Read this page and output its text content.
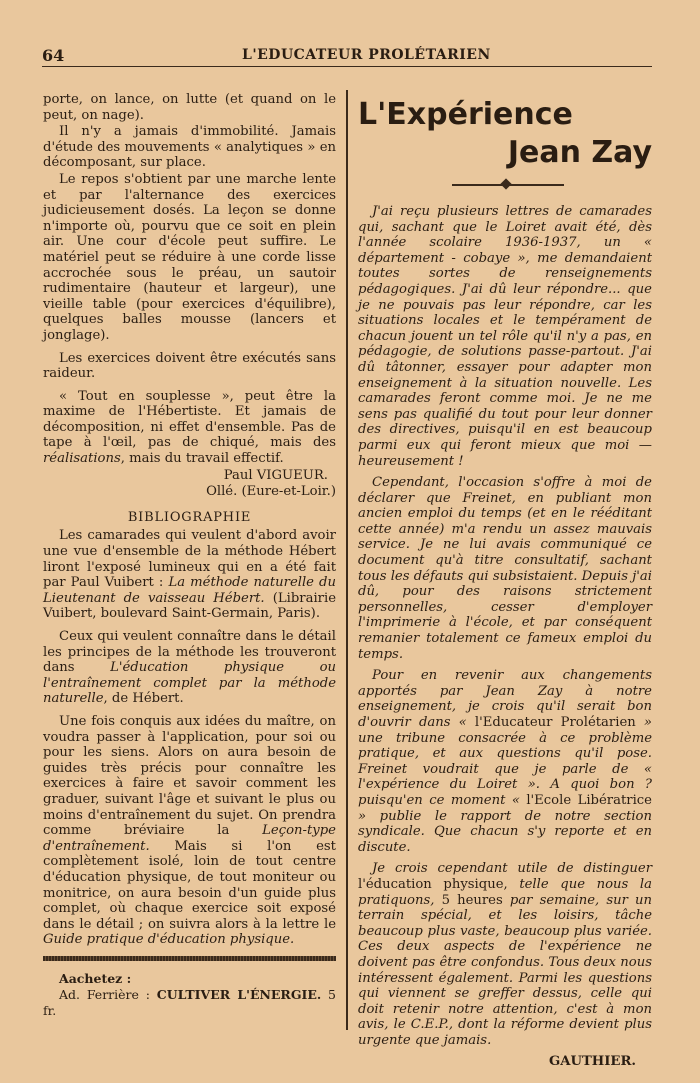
64	L'EDUCATEUR PROLÉTARIEN

porte, on lance, on lutte (et quand on le peut, on nage).

Il n'y a jamais d'immobilité. Jamais d'étude des mouvements « analytiques » en décomposant, sur place.

Le repos s'obtient par une marche lente et par l'alternance des exercices judicieusement dosés. La leçon se donne n'importe où, pourvu que ce soit en plein air. Une cour d'école peut suffire. Le matériel peut se réduire à une corde lisse accrochée sous le préau, un sautoir rudimentaire (hauteur et largeur), une vieille table (pour exercices d'équilibre), quelques balles mousse (lancers et jonglage).

Les exercices doivent être exécutés sans raideur.

« Tout en souplesse », peut être la maxime de l'Hébertiste. Et jamais de décomposition, ni effet d'ensemble. Pas de tape à l'œil, pas de chiqué, mais des réalisations, mais du travail effectif.

Paul VIGUEUR.

Ollé. (Eure-et-Loir.)

BIBLIOGRAPHIE

Les camarades qui veulent d'abord avoir une vue d'ensemble de la méthode Hébert liront l'exposé lumineux qui en a été fait par Paul Vuibert : La méthode naturelle du Lieutenant de vaisseau Hébert. (Librairie Vuibert, boulevard Saint-Germain, Paris).

Ceux qui veulent connaître dans le détail les principes de la méthode les trouveront dans L'éducation physique ou l'entraînement complet par la méthode naturelle, de Hébert.

Une fois conquis aux idées du maître, on voudra passer à l'application, pour soi ou pour les siens. Alors on aura besoin de guides très précis pour connaître les exercices à faire et savoir comment les graduer, suivant l'âge et suivant le plus ou moins d'entraînement du sujet. On prendra comme bréviaire la Leçon-type d'entraînement. Mais si l'on est complètement isolé, loin de tout centre d'éducation physique, de tout moniteur ou monitrice, on aura besoin d'un guide plus complet, où chaque exercice soit exposé dans le détail ; on suivra alors à la lettre le Guide pratique d'éducation physique.

Aachetez :

Ad. Ferrière : CULTIVER L'ÉNERGIE. 5 fr.

L'Expérience
Jean Zay

J'ai reçu plusieurs lettres de camarades qui, sachant que le Loiret avait été, dès l'année scolaire 1936-1937, un « département - cobaye », me demandaient toutes sortes de renseignements pédagogiques. J'ai dû leur répondre... que je ne pouvais pas leur répondre, car les situations locales et le tempérament de chacun jouent un tel rôle qu'il n'y a pas, en pédagogie, de solutions passe-partout. J'ai dû tâtonner, essayer pour adapter mon enseignement à la situation nouvelle. Les camarades feront comme moi. Je ne me sens pas qualifié du tout pour leur donner des directives, puisqu'il en est beaucoup parmi eux qui feront mieux que moi — heureusement !

Cependant, l'occasion s'offre à moi de déclarer que Freinet, en publiant mon ancien emploi du temps (et en le rééditant cette année) m'a rendu un assez mauvais service. Je ne lui avais communiqué ce document qu'à titre consultatif, sachant tous les défauts qui subsistaient. Depuis j'ai dû, pour des raisons strictement personnelles, cesser d'employer l'imprimerie à l'école, et par conséquent remanier totalement ce fameux emploi du temps.

Pour en revenir aux changements apportés par Jean Zay à notre enseignement, je crois qu'il serait bon d'ouvrir dans « l'Educateur Prolétarien » une tribune consacrée à ce problème pratique, et aux questions qu'il pose. Freinet voudrait que je parle de « l'expérience du Loiret ». A quoi bon ? puisqu'en ce moment « l'Ecole Libératrice » publie le rapport de notre section syndicale. Que chacun s'y reporte et en discute.

Je crois cependant utile de distinguer l'éducation physique, telle que nous la pratiquons, 5 heures par semaine, sur un terrain spécial, et les loisirs, tâche beaucoup plus vaste, beaucoup plus variée. Ces deux aspects de l'expérience ne doivent pas être confondus. Tous deux nous intéressent également. Parmi les questions qui viennent se greffer dessus, celle qui doit retenir notre attention, c'est à mon avis, le C.E.P., dont la réforme devient plus urgente que jamais.

GAUTHIER.
